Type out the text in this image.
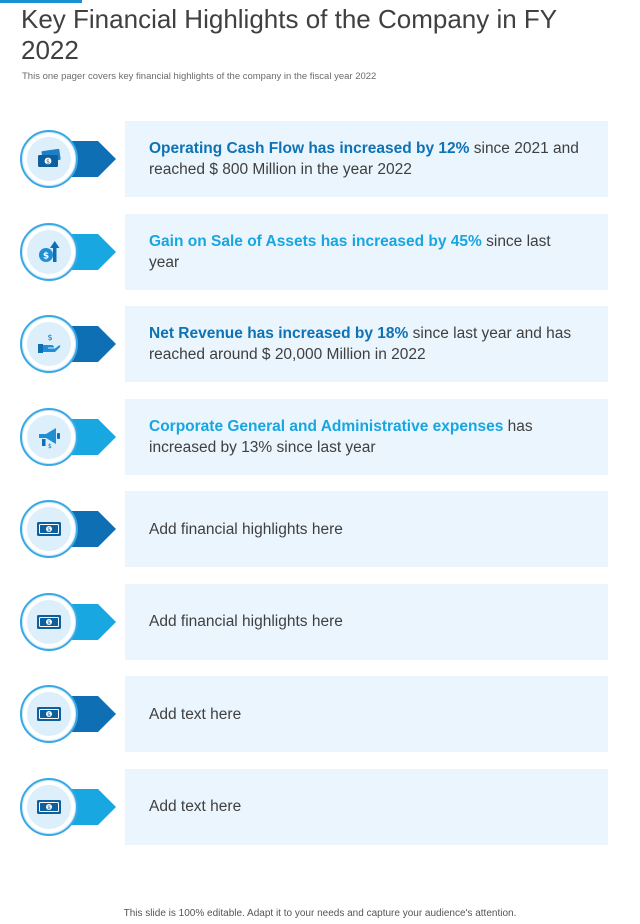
Key Financial Highlights of the Company in FY 2022

This one pager covers key financial highlights of the company in the fiscal year 2022

Operating Cash Flow has increased by 12% since 2021 and reached $ 800 Million in the year 2022
$
Gain on Sale of Assets has increased by 45% since last year
$
Net Revenue has increased by 18% since last year and has reached around $ 20,000 Million in 2022
$
Corporate General and Administrative expenses has increased by 13% since last year
$
Add financial highlights here
$
Add financial highlights here
$
Add text here
$
Add text here
$

This slide is 100% editable. Adapt it to your needs and capture your audience's attention.
